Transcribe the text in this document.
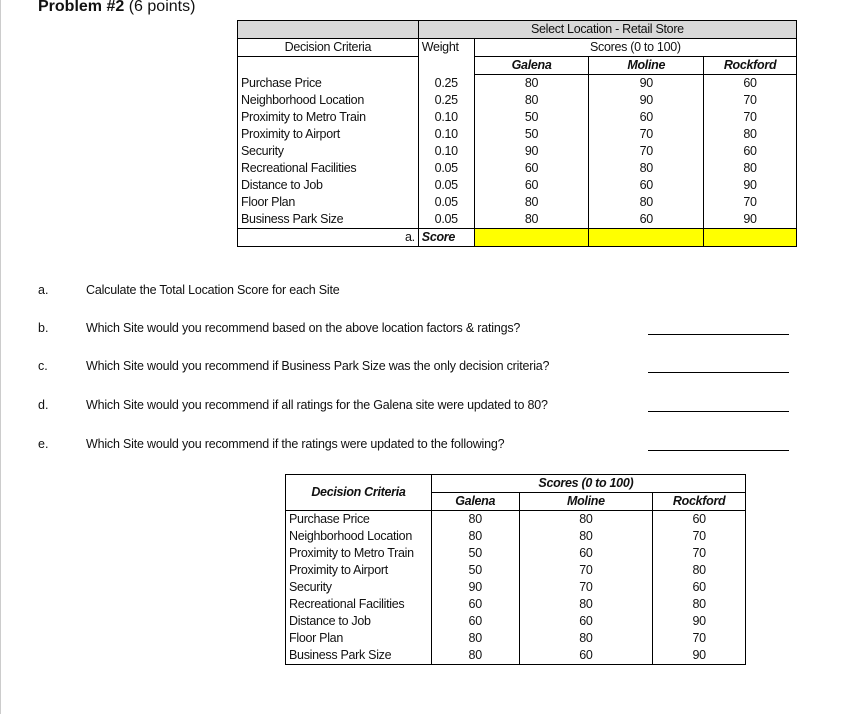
Problem #2 (6 points)
	Select Location - Retail Store			
Decision Criteria	Weight	Scores (0 to 100)		
		Galena	Moline	Rockford
Purchase Price	0.25	80	90	60
Neighborhood Location	0.25	80	90	70
Proximity to Metro Train	0.10	50	60	70
Proximity to Airport	0.10	50	70	80
Security	0.10	90	70	60
Recreational Facilities	0.05	60	80	80
Distance to Job	0.05	60	60	90
Floor Plan	0.05	80	80	70
Business Park Size	0.05	80	60	90
a.	Score			
a.	Calculate the Total Location Score for each Site
b.	Which Site would you recommend based on the above location factors & ratings?
c.	Which Site would you recommend if Business Park Size was the only decision criteria?
d.	Which Site would you recommend if all ratings for the Galena site were updated to 80?
e.	Which Site would you recommend if the ratings were updated to the following?
Decision Criteria		Scores (0 to 100)	
	Galena	Moline	Rockford
Purchase Price	80	80	60
Neighborhood Location	80	80	70
Proximity to Metro Train	50	60	70
Proximity to Airport	50	70	80
Security	90	70	60
Recreational Facilities	60	80	80
Distance to Job	60	60	90
Floor Plan	80	80	70
Business Park Size	80	60	90
